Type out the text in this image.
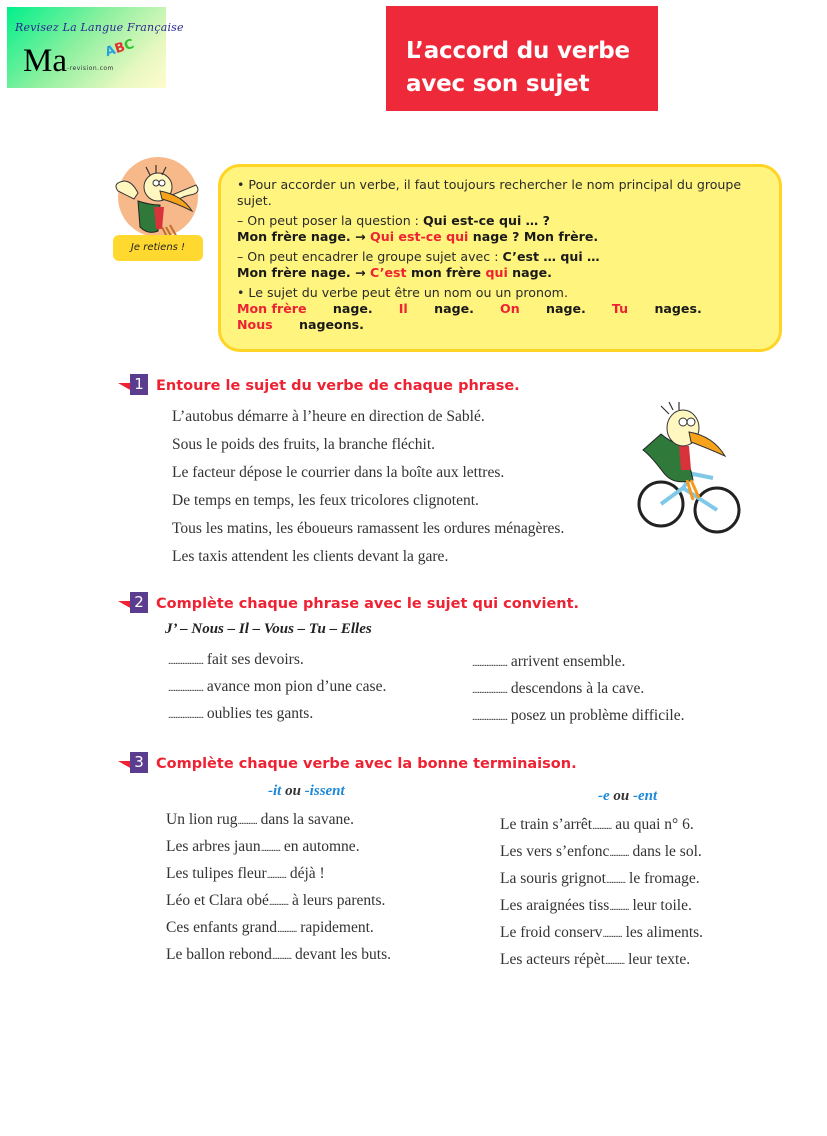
Revisez La Langue Française
Ma	ABC
-revision.com
L’accord du verbe
avec son sujet
Je retiens !

• Pour accorder un verbe, il faut toujours rechercher le nom principal du groupe sujet.

– On peut poser la question : Qui est-ce qui … ?

Mon frère nage. → Qui est-ce qui nage ? Mon frère.

– On peut encadrer le groupe sujet avec : C’est … qui …

Mon frère nage. → C’est mon frère qui nage.

• Le sujet du verbe peut être un nom ou un pronom.

Mon frère nage. Il nage. On nage. Tu nages. Nous nageons.

1 Entoure le sujet du verbe de chaque phrase.
L’autobus démarre à l’heure en direction de Sablé.
Sous le poids des fruits, la branche fléchit.
Le facteur dépose le courrier dans la boîte aux lettres.
De temps en temps, les feux tricolores clignotent.
Tous les matins, les éboueurs ramassent les ordures ménagères.
Les taxis attendent les clients devant la gare.
2 Complète chaque phrase avec le sujet qui convient.
J’ – Nous – Il – Vous – Tu – Elles
.................... fait ses devoirs.
.................... avance mon pion d’une case.
.................... oublies tes gants.
.................... arrivent ensemble.
.................... descendons à la cave.
.................... posez un problème difficile.
3 Complète chaque verbe avec la bonne terminaison.
-it ou -issent	-e ou -ent
Un lion rug........... dans la savane.
Les arbres jaun........... en automne.
Les tulipes fleur........... déjà !
Léo et Clara obé........... à leurs parents.
Ces enfants grand........... rapidement.
Le ballon rebond........... devant les buts.
Le train s’arrêt........... au quai n° 6.
Les vers s’enfonc........... dans le sol.
La souris grignot........... le fromage.
Les araignées tiss........... leur toile.
Le froid conserv........... les aliments.
Les acteurs répèt........... leur texte.
